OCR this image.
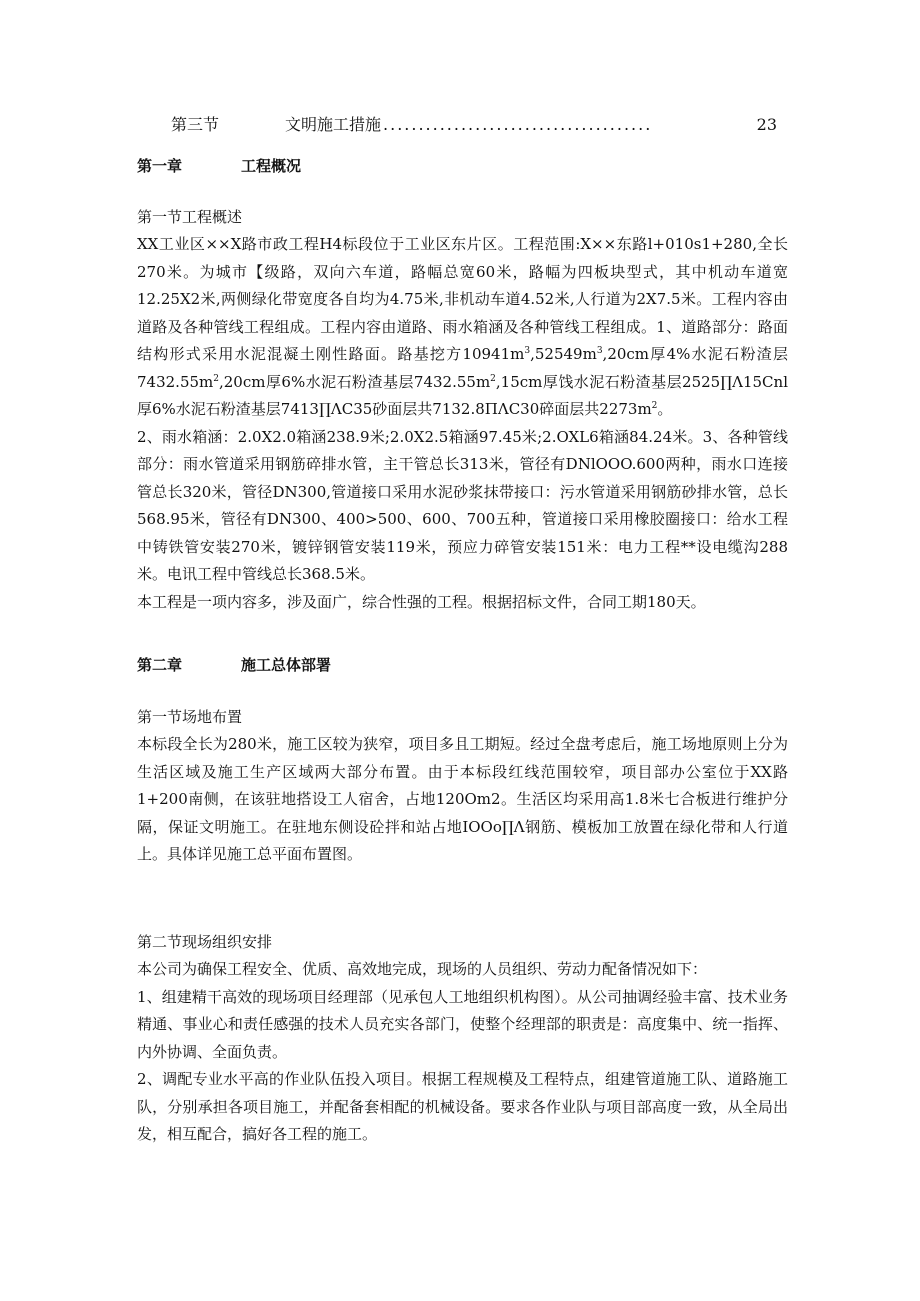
第三节	文明施工措施 ......................................	23
第一章	工程概况
第一节工程概述

XX工业区××X路市政工程H4标段位于工业区东片区。工程范围:X××东路l+010s1+280,全长270米。为城市【级路，双向六车道，路幅总宽60米，路幅为四板块型式，其中机动车道宽12.25X2米,两侧绿化带宽度各自均为4.75米,非机动车道4.52米,人行道为2X7.5米。工程内容由道路及各种管线工程组成。工程内容由道路、雨水箱涵及各种管线工程组成。1、道路部分：路面结构形式采用水泥混凝土刚性路面。路基挖方$10941m^3,52549m^3,20cm$厚4%水泥石粉渣层$7432.55m^2,20cm$厚6%水泥石粉渣基层$7432.55m^2,15cm$厚饯水泥石粉渣基层2525∏Λ15Cnl厚6%水泥石粉渣基层7413∏ΛC35砂面层共7132.8ПΛC30碎面层共$2273m^2$。

2、雨水箱涵：2.0X2.0箱涵238.9米;2.0X2.5箱涵97.45米;2.OXL6箱涵84.24米。3、各种管线部分：雨水管道采用钢筋碎排水管，主干管总长313米，管径有DNlOOO.600两种，雨水口连接管总长320米，管径DN300,管道接口采用水泥砂浆抹带接口：污水管道采用钢筋砂排水管，总长568.95米，管径有DN300、400>500、600、700五种，管道接口采用橡胶圈接口：给水工程中铸铁管安装270米，镀锌钢管安装119米，预应力碎管安装151米：电力工程**设电缆沟288米。电讯工程中管线总长368.5米。

本工程是一项内容多，涉及面广，综合性强的工程。根据招标文件，合同工期180天。

第二章	施工总体部署
第一节场地布置

本标段全长为280米，施工区较为狭窄，项目多且工期短。经过全盘考虑后，施工场地原则上分为生活区域及施工生产区域两大部分布置。由于本标段红线范围较窄，项目部办公室位于XX路1+200南侧，在该驻地搭设工人宿舍，占地120Om2。生活区均采用高1.8米七合板进行维护分隔，保证文明施工。在驻地东侧设砼拌和站占地IOOo∏Λ钢筋、模板加工放置在绿化带和人行道上。具体详见施工总平面布置图。

第二节现场组织安排

本公司为确保工程安全、优质、高效地完成，现场的人员组织、劳动力配备情况如下：

1、组建精干高效的现场项目经理部（见承包人工地组织机构图）。从公司抽调经验丰富、技术业务精通、事业心和责任感强的技术人员充实各部门，使整个经理部的职责是：高度集中、统一指挥、内外协调、全面负责。

2、调配专业水平高的作业队伍投入项目。根据工程规模及工程特点，组建管道施工队、道路施工队，分别承担各项目施工，并配备套相配的机械设备。要求各作业队与项目部高度一致，从全局出发，相互配合，搞好各工程的施工。
